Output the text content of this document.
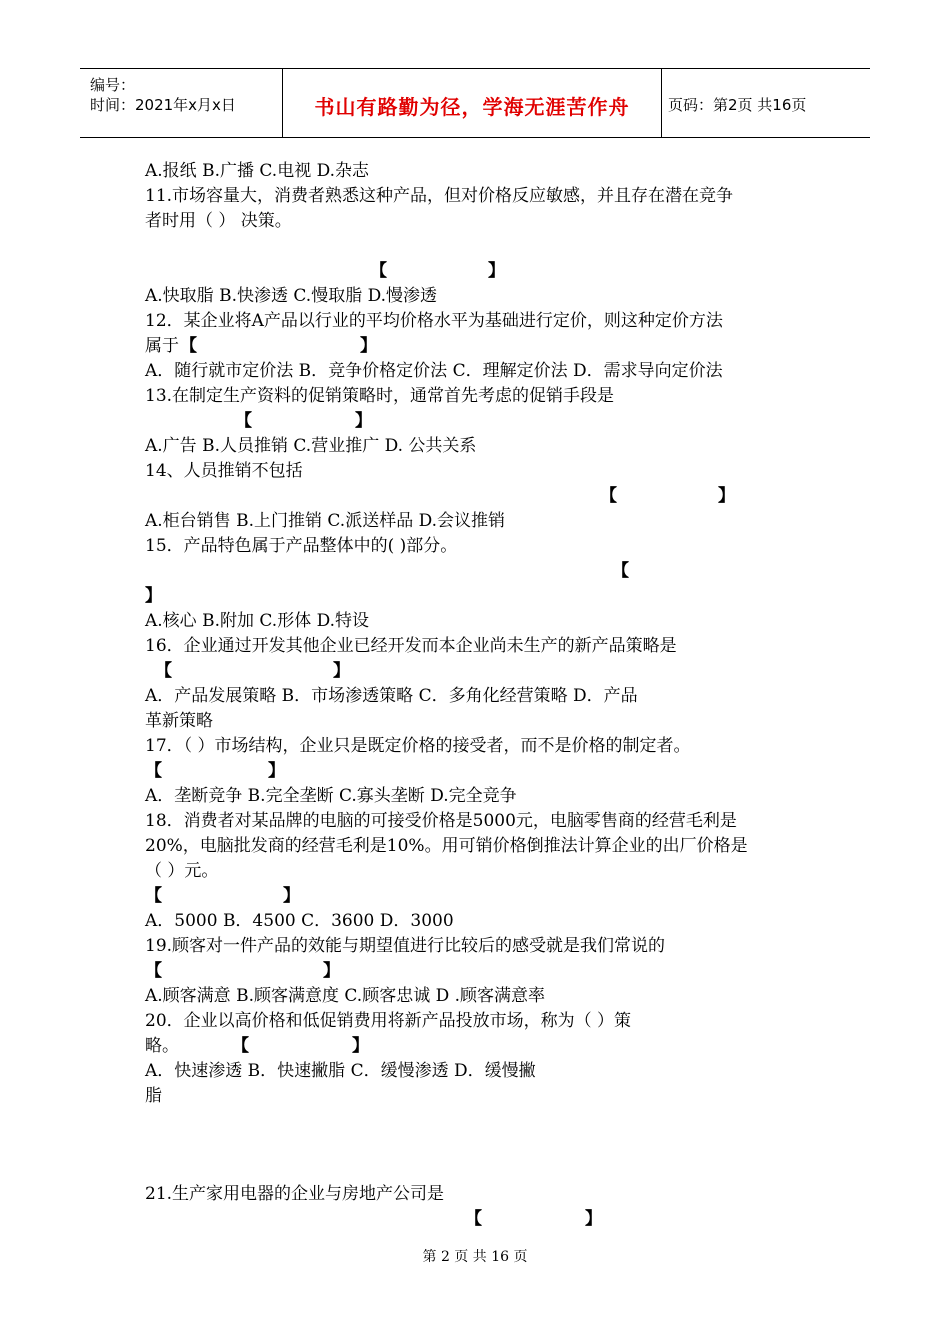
编号：
时间：2021年x月x日	书山有路勤为径，学海无涯苦作舟	页码：第2页 共16页
A.报纸 B.广播 C.电视 D.杂志
11.市场容量大，消费者熟悉这种产品，但对价格反应敏感，并且存在潜在竞争
者时用（ ） 决策。
【	】
A.快取脂 B.快渗透 C.慢取脂 D.慢渗透
12．某企业将A产品以行业的平均价格水平为基础进行定价，则这种定价方法
属于 【	】
A．随行就市定价法 B．竞争价格定价法 C．理解定价法 D．需求导向定价法
13.在制定生产资料的促销策略时，通常首先考虑的促销手段是
【	】
A.广告 B.人员推销 C.营业推广 D. 公共关系
14、人员推销不包括
【	】
A.柜台销售 B.上门推销 C.派送样品 D.会议推销
15．产品特色属于产品整体中的( )部分。
【
】
A.核心 B.附加 C.形体 D.特设
16．企业通过开发其他企业已经开发而本企业尚未生产的新产品策略是
【	】
A．产品发展策略 B．市场渗透策略 C．多角化经营策略 D．产品
革新策略
17．（ ）市场结构，企业只是既定价格的接受者，而不是价格的制定者。
【	】
A．垄断竞争 B.完全垄断 C.寡头垄断 D.完全竞争
18．消费者对某品牌的电脑的可接受价格是5000元，电脑零售商的经营毛利是
20%，电脑批发商的经营毛利是10%。用可销价格倒推法计算企业的出厂价格是
（ ）元。
【	】
A．5000 B．4500 C．3600 D．3000
19.顾客对一件产品的效能与期望值进行比较后的感受就是我们常说的
【	】
A.顾客满意 B.顾客满意度 C.顾客忠诚 D .顾客满意率
20．企业以高价格和低促销费用将新产品投放市场，称为（ ）策
略。	【	】
A．快速渗透 B．快速撇脂 C．缓慢渗透 D．缓慢撇
脂
21.生产家用电器的企业与房地产公司是
【	】
第 2 页 共 16 页
